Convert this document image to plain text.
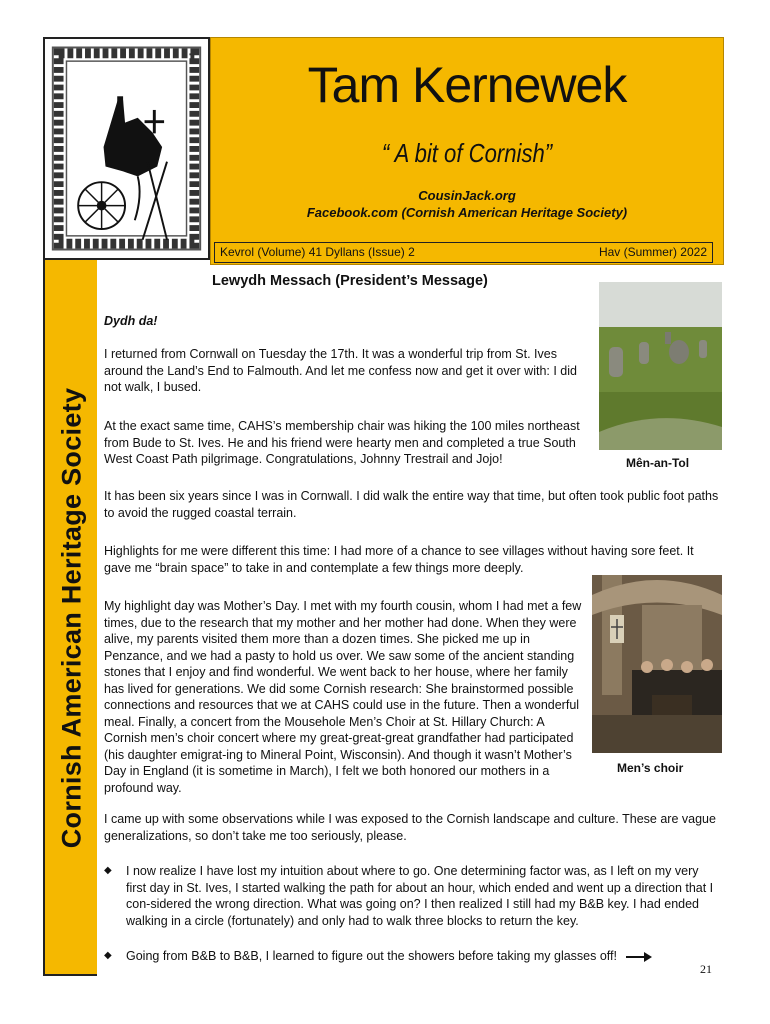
Tam Kernewek
“ A bit of Cornish”
CousinJack.org
Facebook.com (Cornish American Heritage Society)
Kevrol (Volume) 41 Dyllans (Issue) 2	Hav (Summer) 2022
Cornish American Heritage Society
Lewydh Messach (President’s Message)
Dydh da!
I returned from Cornwall on Tuesday the 17th. It was a wonderful trip from St. Ives around the Land’s End to Falmouth. And let me confess now and get it over with: I did not walk, I bused.
At the exact same time, CAHS’s membership chair was hiking the 100 miles northeast from Bude to St. Ives. He and his friend were hearty men and completed a true South West Coast Path pilgrimage. Congratulations, Johnny Trestrail and Jojo!
It has been six years since I was in Cornwall. I did walk the entire way that time, but often took public foot paths to avoid the rugged coastal terrain.
Highlights for me were different this time: I had more of a chance to see villages without having sore feet. It gave me “brain space” to take in and contemplate a few things more deeply.
My highlight day was Mother’s Day. I met with my fourth cousin, whom I had met a few times, due to the research that my mother and her mother had done. When they were alive, my parents visited them more than a dozen times. She picked me up in Penzance, and we had a pasty to hold us over. We saw some of the ancient standing stones that I enjoy and find wonderful. We went back to her house, where her family has lived for generations. We did some Cornish research: She brainstormed possible connections and resources that we at CAHS could use in the future. Then a wonderful meal. Finally, a concert from the Mousehole Men’s Choir at St. Hillary Church: A Cornish men’s choir concert where my great-great-great grandfather had participated (his daughter emigrat-ing to Mineral Point, Wisconsin). And though it wasn’t Mother’s Day in England (it is sometime in March), I felt we both honored our mothers in a profound way.
I came up with some observations while I was exposed to the Cornish landscape and culture. These are vague generalizations, so don’t take me too seriously, please.
Mên-an-Tol
Men’s choir
◆ I now realize I have lost my intuition about where to go. One determining factor was, as I left on my very first day in St. Ives, I started walking the path for about an hour, which ended and went up a direction that I con-sidered the wrong direction. What was going on? I then realized I still had my B&B key. I had ended walking in a circle (fortunately) and only had to walk three blocks to return the key.
◆ Going from B&B to B&B, I learned to figure out the showers before taking my glasses off!
21
